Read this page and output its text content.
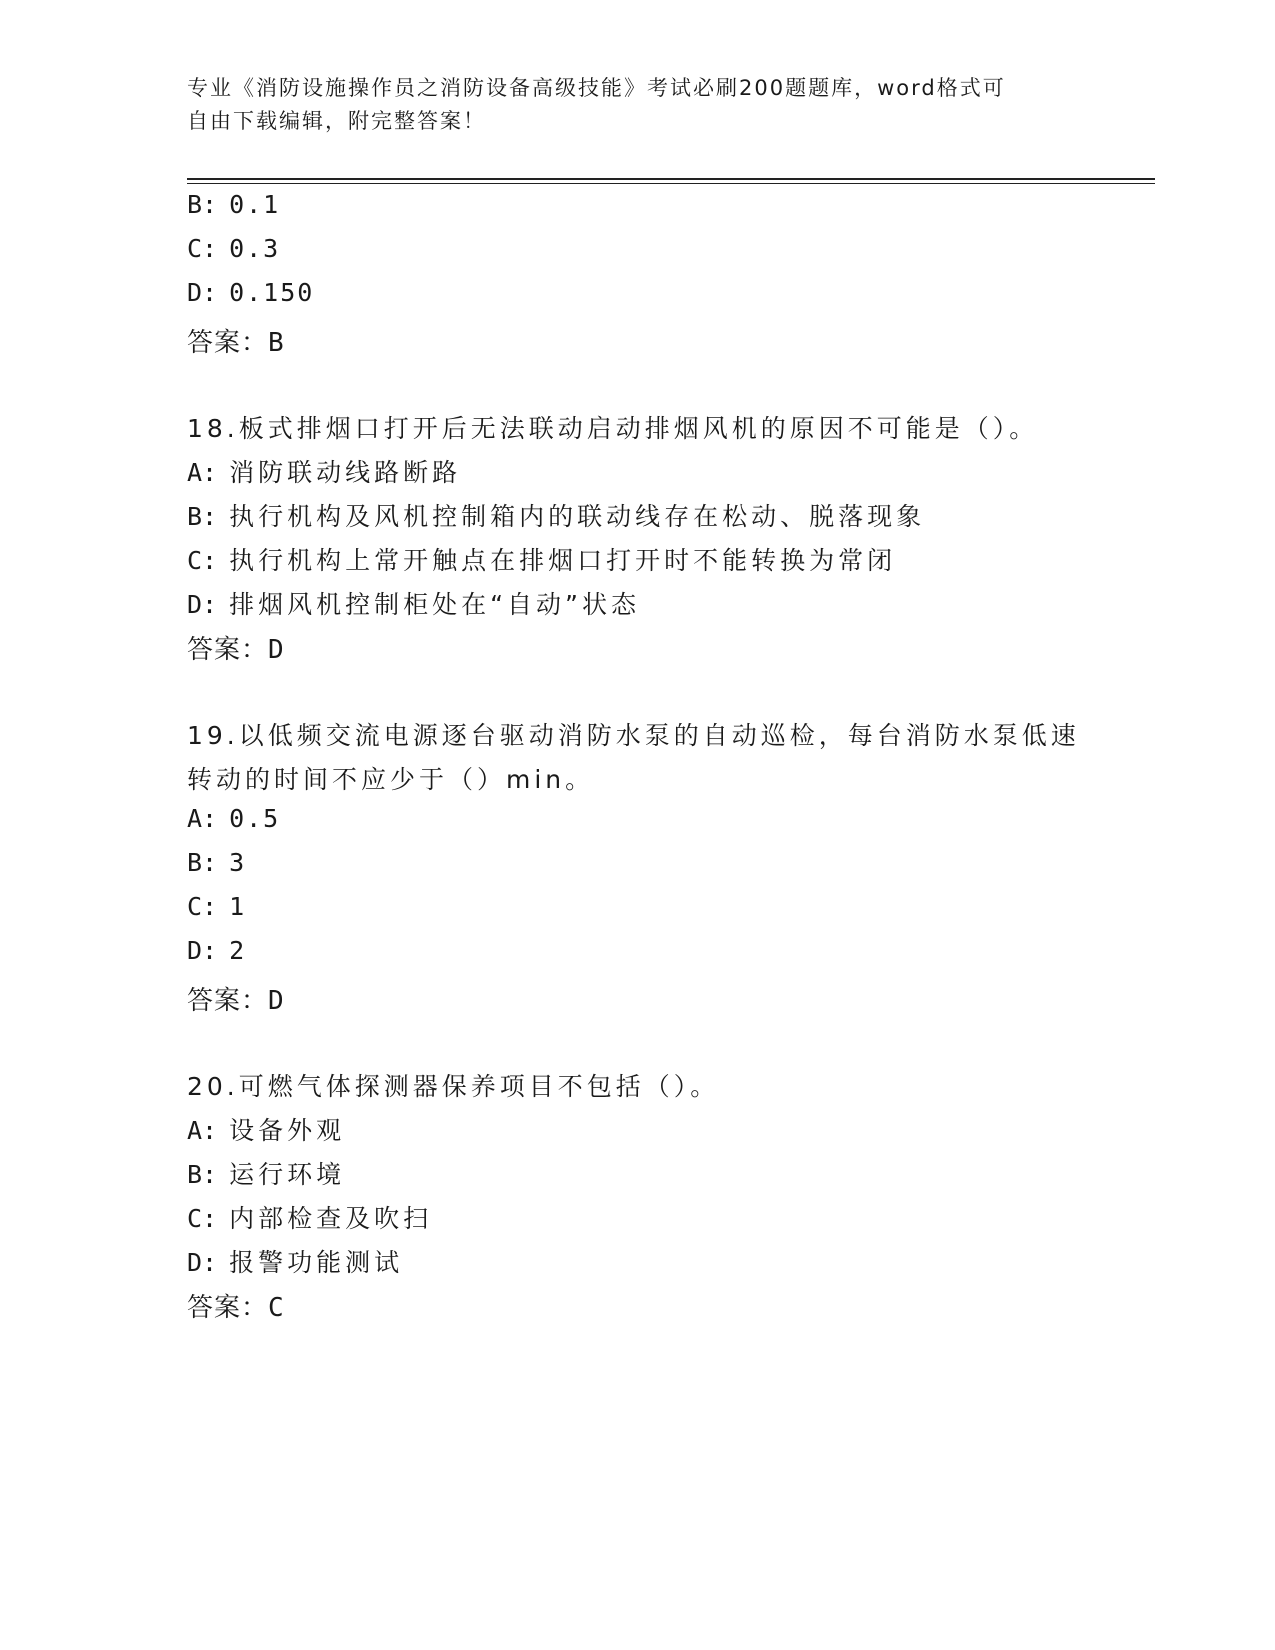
专业《消防设施操作员之消防设备高级技能》考试必刷200题题库，word格式可
自由下载编辑，附完整答案！
B: 0.1
C: 0.3
D: 0.150
答案：B
18.板式排烟口打开后无法联动启动排烟风机的原因不可能是（）。
A: 消防联动线路断路
B: 执行机构及风机控制箱内的联动线存在松动、脱落现象
C: 执行机构上常开触点在排烟口打开时不能转换为常闭
D: 排烟风机控制柜处在“自动”状态
答案：D
19.以低频交流电源逐台驱动消防水泵的自动巡检，每台消防水泵低速
转动的时间不应少于（）min。
A: 0.5
B: 3
C: 1
D: 2
答案：D
20.可燃气体探测器保养项目不包括（）。
A: 设备外观
B: 运行环境
C: 内部检查及吹扫
D: 报警功能测试
答案：C
